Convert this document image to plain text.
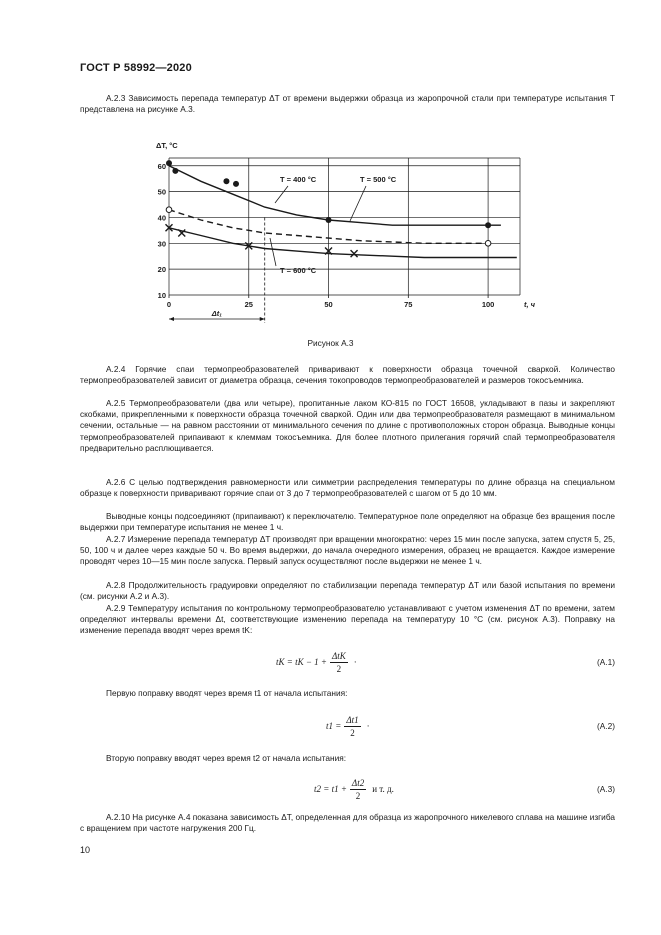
ГОСТ Р 58992—2020

А.2.3 Зависимость перепада температур ΔT от времени выдержки образца из жаропрочной стали при температуре испытания T представлена на рисунке А.3.

0	25	50	75	100
10
20
30
40
50
60
ΔT, °C
t, ч
T = 400 °C	T = 500 °C
T = 600 °C
Δt₁
Рисунок А.3

А.2.4 Горячие спаи термопреобразователей приваривают к поверхности образца точечной сваркой. Количество термопреобразователей зависит от диаметра образца, сечения токопроводов термопреобразователей и размеров токосъемника.

А.2.5 Термопреобразователи (два или четыре), пропитанные лаком КО-815 по ГОСТ 16508, укладывают в пазы и закрепляют скобками, прикрепленными к поверхности образца точечной сваркой. Один или два термопреобразователя размещают в минимальном сечении, остальные — на равном расстоянии от минимального сечения по длине с противоположных сторон образца. Выводные концы термопреобразователей припаивают к клеммам токосъемника. Для более плотного прилегания горячий спай термопреобразователя предварительно расплющивается.

А.2.6 С целью подтверждения равномерности или симметрии распределения температуры по длине образца на специальном образце к поверхности приваривают горячие спаи от 3 до 7 термопреобразователей с шагом от 5 до 10 мм.

Выводные концы подсоединяют (припаивают) к переключателю. Температурное поле определяют на образце без вращения после выдержки при температуре испытания не менее 1 ч.

А.2.7 Измерение перепада температур ΔT производят при вращении многократно: через 15 мин после запуска, затем спустя 5, 25, 50, 100 ч и далее через каждые 50 ч. Во время выдержки, до начала очередного измерения, образец не вращается. Каждое измерение проводят через 10—15 мин после запуска. Первый запуск осуществляют после выдержки не менее 1 ч.

А.2.8 Продолжительность градуировки определяют по стабилизации перепада температур ΔT или базой испытания по времени (см. рисунки А.2 и А.3).

А.2.9 Температуру испытания по контрольному термопреобразователю устанавливают с учетом изменения ΔT по времени, затем определяют интервалы времени Δt, соответствующие изменению перепада на температуру 10 °С (см. рисунок А.3). Поправку на изменение перепада вводят через время tK:

tK = tK − $1 + \frac{\text{ΔtK}}{2}$ ·	(А.1)

Первую поправку вводят через время t1 от начала испытания:

$t1 = \frac{\Delta t1}{2}$ ·	(А.2)

Вторую поправку вводят через время t2 от начала испытания:

$t2 = t1 + \frac{\Delta t2}{2}$ и т. д.	(А.3)

А.2.10 На рисунке А.4 показана зависимость ΔT, определенная для образца из жаропрочного никелевого сплава на машине изгиба с вращением при частоте нагружения 200 Гц.

10
